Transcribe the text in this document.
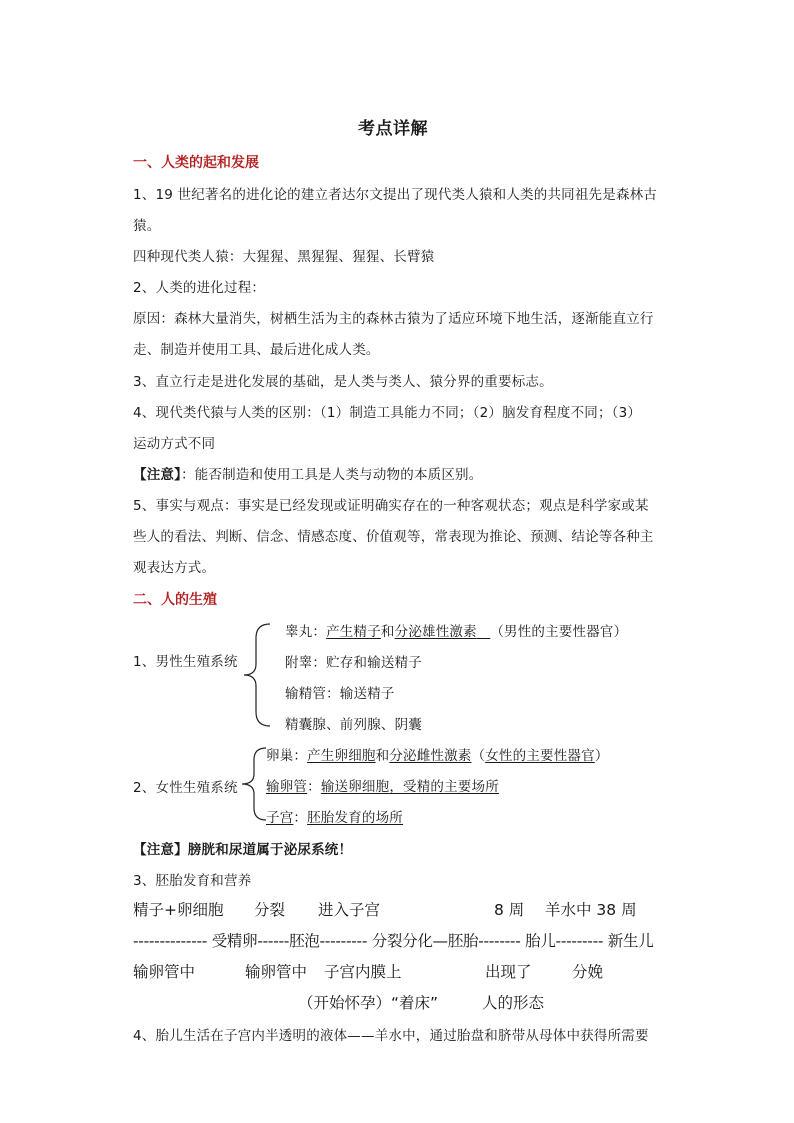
考点详解
一、人类的起和发展
1、19 世纪著名的进化论的建立者达尔文提出了现代类人猿和人类的共同祖先是森林古
猿。
四种现代类人猿：大猩猩、黑猩猩、猩猩、长臂猿
2、人类的进化过程：
原因：森林大量消失，树栖生活为主的森林古猿为了适应环境下地生活，逐渐能直立行
走、制造并使用工具、最后进化成人类。
3、直立行走是进化发展的基础，是人类与类人、猿分界的重要标志。
4、现代类代猿与人类的区别：（1）制造工具能力不同；（2）脑发育程度不同；（3）
运动方式不同
【注意】：能否制造和使用工具是人类与动物的本质区别。
5、事实与观点：事实是已经发现或证明确实存在的一种客观状态；观点是科学家或某
些人的看法、判断、信念、情感态度、价值观等，常表现为推论、预测、结论等各种主
观表达方式。
二、人的生殖
1、男性生殖系统
睾丸：产生精子和分泌雄性激素 （男性的主要性器官）
附睾：贮存和输送精子
输精管：输送精子
精囊腺、前列腺、阴囊
2、女性生殖系统
卵巢：产生卵细胞和分泌雌性激素（女性的主要性器官）
输卵管：输送卵细胞，受精的主要场所
子宫：胚胎发育的场所
【注意】膀胱和尿道属于泌尿系统！
3、胚胎发育和营养
精子+卵细胞 分裂 进入子宫	8 周 羊水中 38 周
-------------- 受精卵------胚泡--------- 分裂分化—胚胎-------- 胎儿--------- 新生儿
输卵管中	输卵管中 子宫内膜上	出现了	分娩
（开始怀孕）“着床”	人的形态
4、胎儿生活在子宫内半透明的液体——羊水中，通过胎盘和脐带从母体中获得所需要
